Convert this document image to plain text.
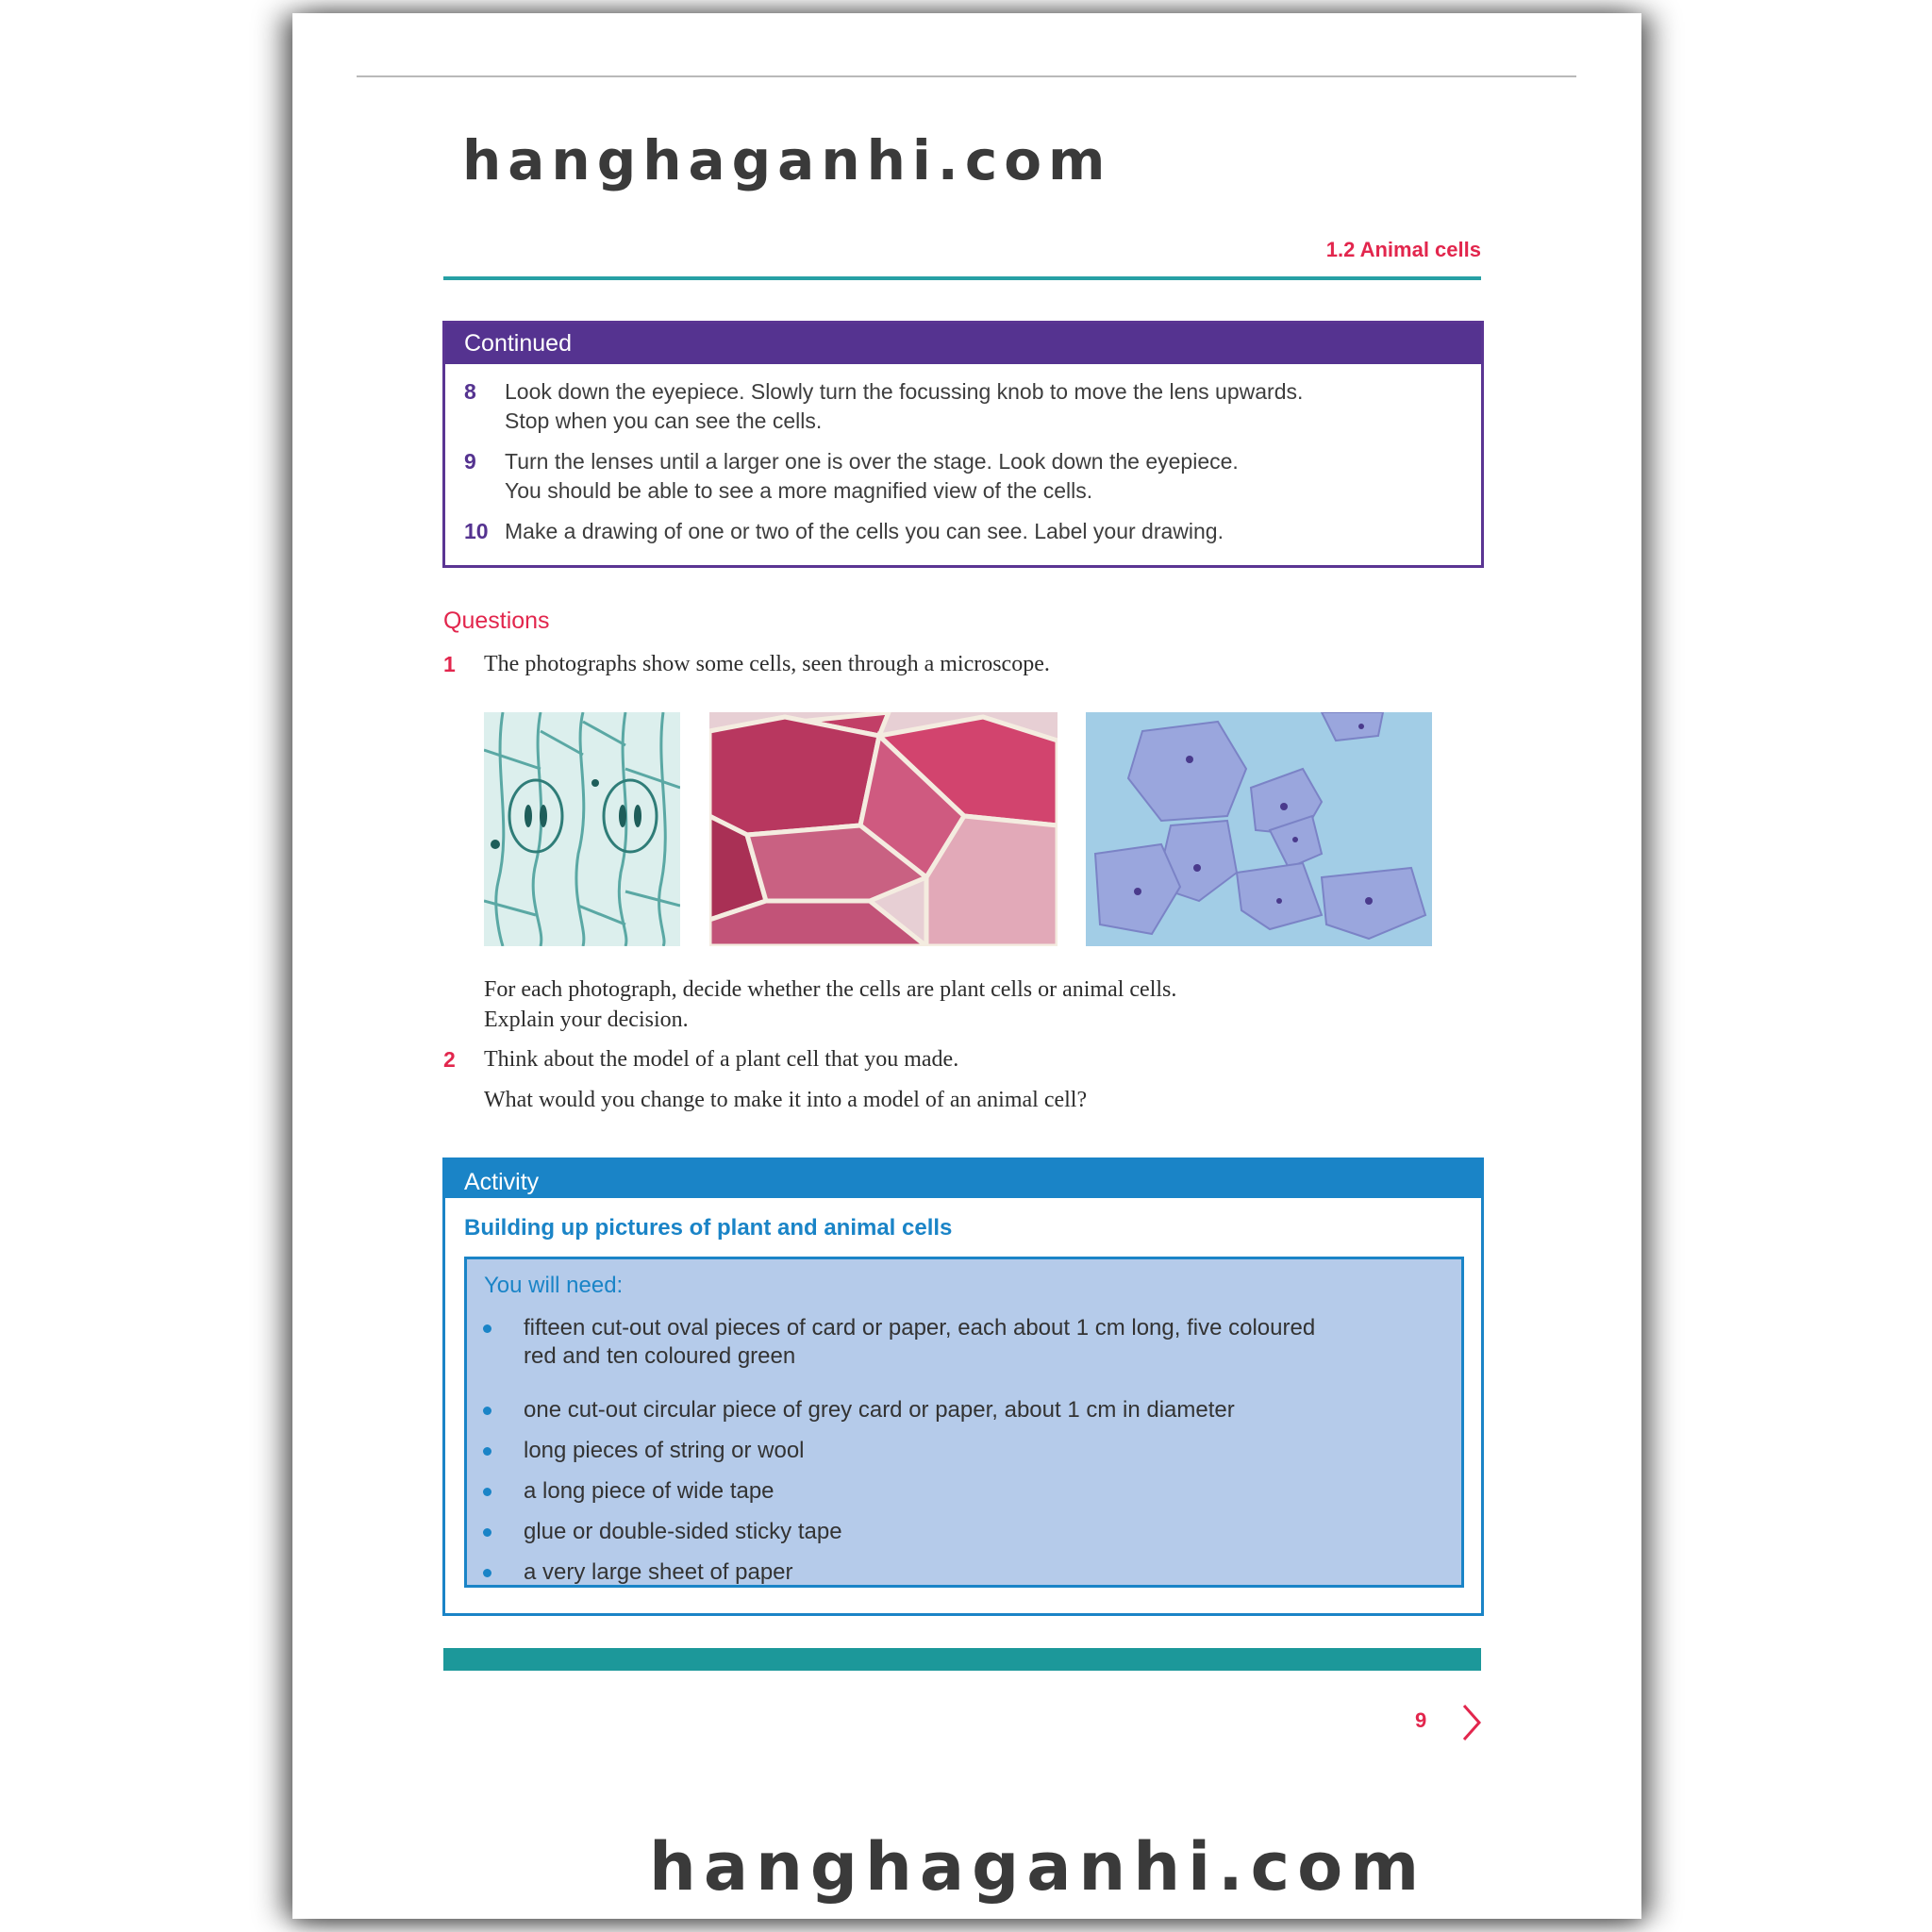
hanghaganhi.com
1.2 Animal cells
Continued
8	Look down the eyepiece. Slowly turn the focussing knob to move the lens upwards.
Stop when you can see the cells.
9	Turn the lenses until a larger one is over the stage. Look down the eyepiece.
You should be able to see a more magnified view of the cells.
10 Make a drawing of one or two of the cells you can see. Label your drawing.
Questions
1 The photographs show some cells, seen through a microscope.
For each photograph, decide whether the cells are plant cells or animal cells. Explain your decision.
2 Think about the model of a plant cell that you made.
What would you change to make it into a model of an animal cell?
Activity
Building up pictures of plant and animal cells
You will need:
fifteen cut-out oval pieces of card or paper, each about 1 cm long, five coloured
red and ten coloured green
one cut-out circular piece of grey card or paper, about 1 cm in diameter
long pieces of string or wool
a long piece of wide tape
glue or double-sided sticky tape
a very large sheet of paper
9
hanghaganhi.com
